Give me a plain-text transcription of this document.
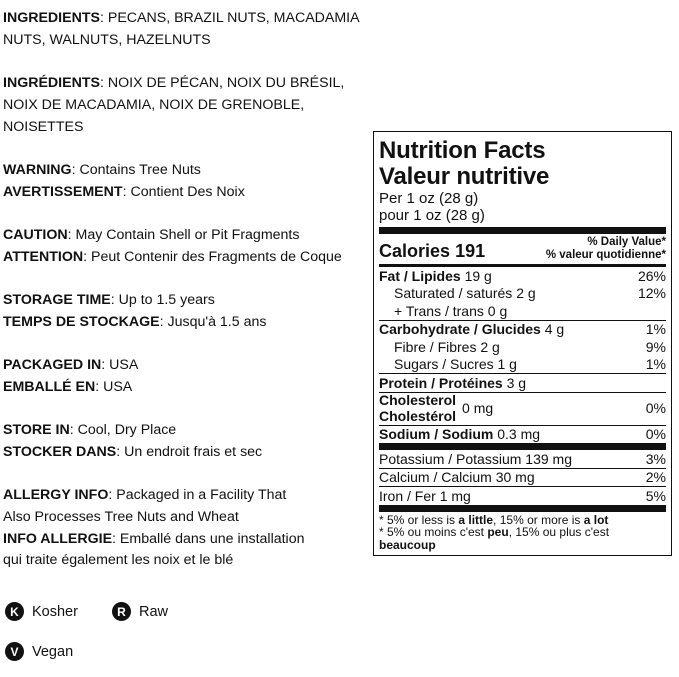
INGREDIENTS: PECANS, BRAZIL NUTS, MACADAMIA
NUTS, WALNUTS, HAZELNUTS
INGRÉDIENTS: NOIX DE PÉCAN, NOIX DU BRÉSIL,
NOIX DE MACADAMIA, NOIX DE GRENOBLE,
NOISETTES
WARNING: Contains Tree Nuts
AVERTISSEMENT: Contient Des Noix
CAUTION: May Contain Shell or Pit Fragments
ATTENTION: Peut Contenir des Fragments de Coque
STORAGE TIME: Up to 1.5 years
TEMPS DE STOCKAGE: Jusqu'à 1.5 ans
PACKAGED IN: USA
EMBALLÉ EN: USA
STORE IN: Cool, Dry Place
STOCKER DANS: Un endroit frais et sec
ALLERGY INFO: Packaged in a Facility That
Also Processes Tree Nuts and Wheat
INFO ALLERGIE: Emballé dans une installation
qui traite également les noix et le blé
K Kosher	R Raw
V Vegan
Nutrition Facts
Valeur nutritive
Per 1 oz (28 g)
pour 1 oz (28 g)
Calories 191	% Daily Value*
% valeur quotidienne*
Fat / Lipides 19 g	26%
Saturated / saturés 2 g	12%
+ Trans / trans 0 g
Carbohydrate / Glucides 4 g	1%
Fibre / Fibres 2 g	9%
Sugars / Sucres 1 g	1%
Protein / Protéines 3 g
Cholesterol
Cholestérol 0 mg	0%
Sodium / Sodium 0.3 mg	0%
Potassium / Potassium 139 mg	3%
Calcium / Calcium 30 mg	2%
Iron / Fer 1 mg	5%
* 5% or less is a little, 15% or more is a lot
* 5% ou moins c'est peu, 15% ou plus c'est beaucoup
